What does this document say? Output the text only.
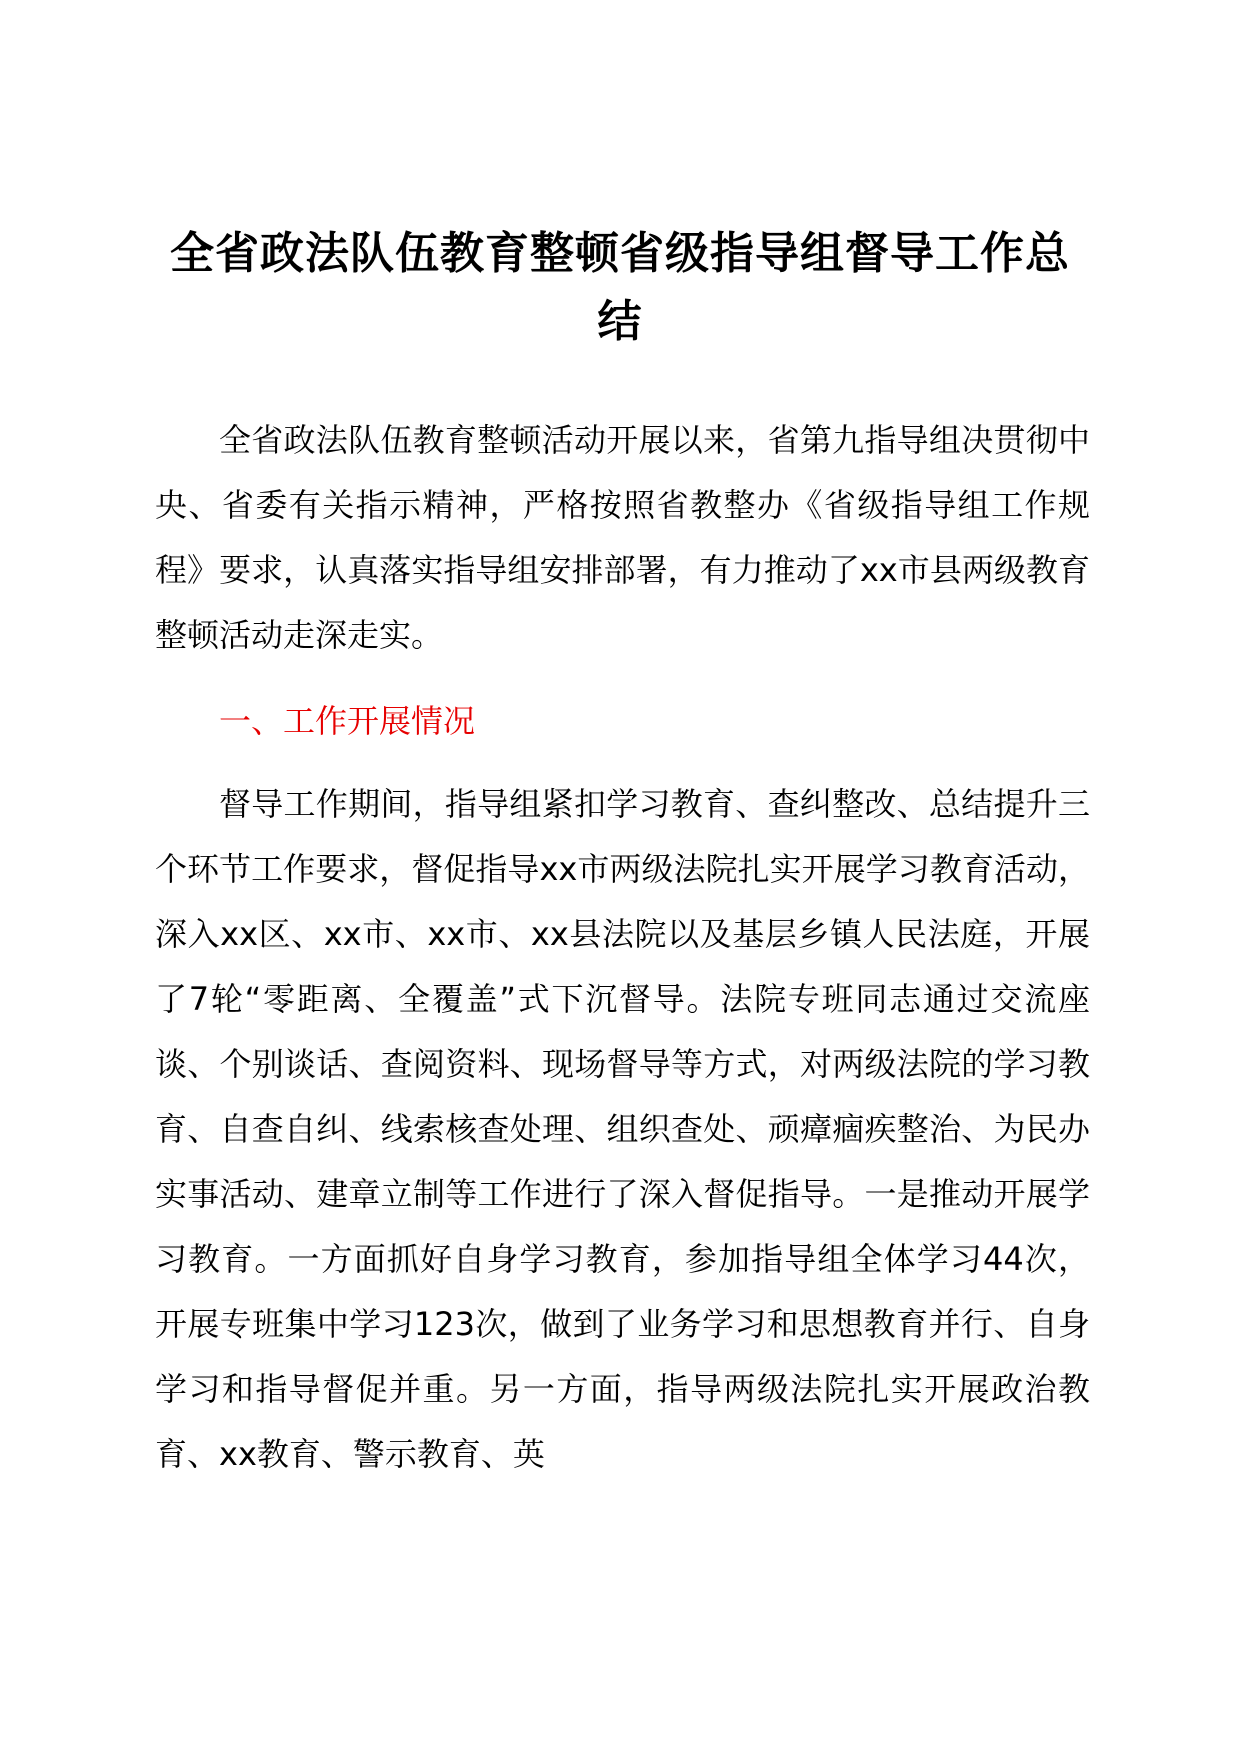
全省政法队伍教育整顿省级指导组督导工作总结

全省政法队伍教育整顿活动开展以来，省第九指导组决贯彻中央、省委有关指示精神，严格按照省教整办《省级指导组工作规程》要求，认真落实指导组安排部署，有力推动了xx市县两级教育整顿活动走深走实。

一、工作开展情况

督导工作期间，指导组紧扣学习教育、查纠整改、总结提升三个环节工作要求，督促指导xx市两级法院扎实开展学习教育活动，深入xx区、xx市、xx市、xx县法院以及基层乡镇人民法庭，开展了7轮“零距离、全覆盖”式下沉督导。法院专班同志通过交流座谈、个别谈话、查阅资料、现场督导等方式，对两级法院的学习教育、自查自纠、线索核查处理、组织查处、顽瘴痼疾整治、为民办实事活动、建章立制等工作进行了深入督促指导。一是推动开展学习教育。一方面抓好自身学习教育，参加指导组全体学习44次，开展专班集中学习123次，做到了业务学习和思想教育并行、自身学习和指导督促并重。另一方面，指导两级法院扎实开展政治教育、xx教育、警示教育、英
